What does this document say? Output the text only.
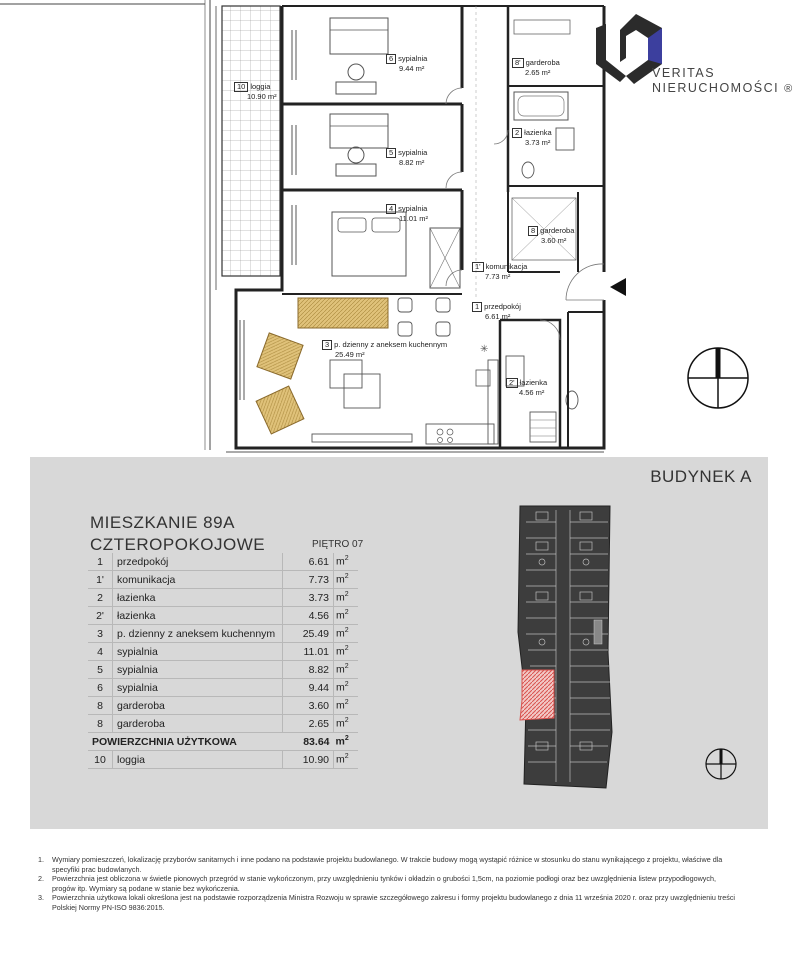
✳
10 loggia
10.90 m²
6 sypialnia
9.44 m²
5 sypialnia
8.82 m²
4 sypialnia
11.01 m²
8' garderoba
2.65 m²
2 łazienka
3.73 m²
8 garderoba
3.60 m²
1' komunikacja
7.73 m²
1 przedpokój
6.61 m²
3 p. dzienny z aneksem kuchennym
25.49 m²
2' łazienka
4.56 m²
VERITAS
NIERUCHOMOŚCI ®
BUDYNEK A
MIESZKANIE 89A
CZTEROPOKOJOWE	PIĘTRO 07
1	przedpokój	6.61	$m^2$
1'	komunikacja	7.73	$m^2$
2	łazienka	3.73	$m^2$
2'	łazienka	4.56	$m^2$
3	p. dzienny z aneksem kuchennym	25.49	$m^2$
4	sypialnia	11.01	$m^2$
5	sypialnia	8.82	$m^2$
6	sypialnia	9.44	$m^2$
8	garderoba	3.60	$m^2$
8	garderoba	2.65	$m^2$
POWIERZCHNIA UŻYTKOWA		83.64	$m^2$
10	loggia	10.90	$m^2$
1. Wymiary pomieszczeń, lokalizację przyborów sanitarnych i inne podano na podstawie projektu budowlanego. W trakcie budowy mogą wystąpić różnice w stosunku do stanu wynikającego z projektu, właściwe dla specyfiki prac budowlanych.
2. Powierzchnia jest obliczona w świetle pionowych przegród w stanie wykończonym, przy uwzględnieniu tynków i okładzin o grubości 1,5cm, na poziomie podłogi oraz bez uwzględnienia listew przypodłogowych, progów itp. Wymiary są podane w stanie bez wykończenia.
3. Powierzchnia użytkowa lokali określona jest na podstawie rozporządzenia Ministra Rozwoju w sprawie szczegółowego zakresu i formy projektu budowlanego z dnia 11 września 2020 r. oraz przy uwzględnieniu treści Polskiej Normy PN-ISO 9836:2015.
